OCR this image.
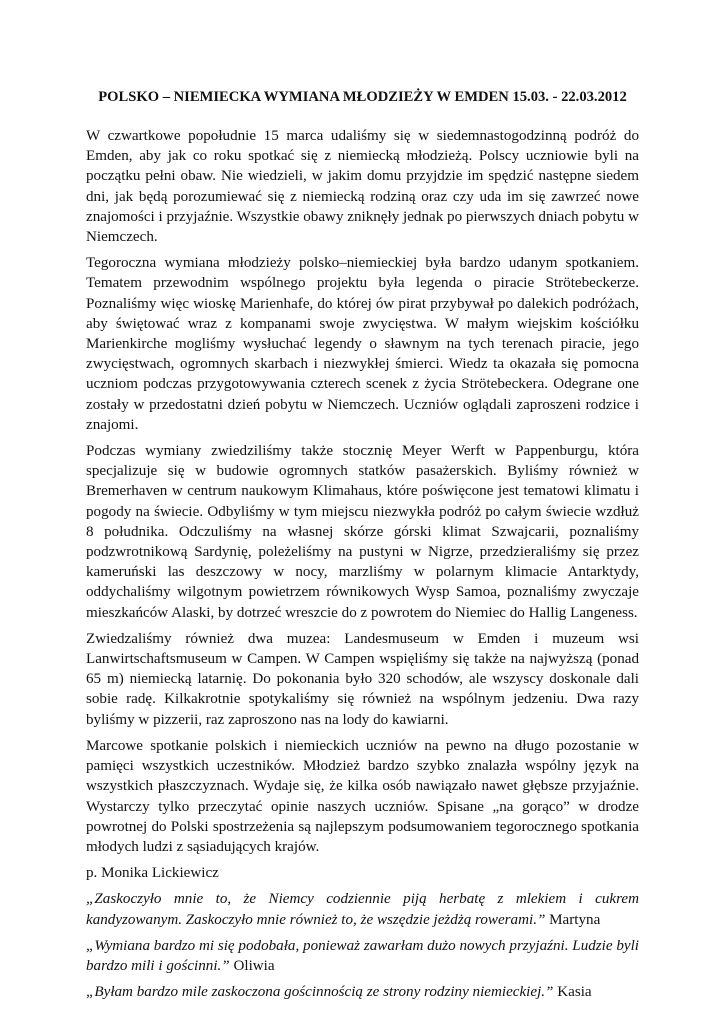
POLSKO – NIEMIECKA WYMIANA MŁODZIEŻY W EMDEN 15.03. - 22.03.2012

W czwartkowe popołudnie 15 marca udaliśmy się w siedemnastogodzinną podróż do Emden, aby jak co roku spotkać się z niemiecką młodzieżą. Polscy uczniowie byli na początku pełni obaw. Nie wiedzieli, w jakim domu przyjdzie im spędzić następne siedem dni, jak będą porozumiewać się z niemiecką rodziną oraz czy uda im się zawrzeć nowe znajomości i przyjaźnie. Wszystkie obawy zniknęły jednak po pierwszych dniach pobytu w Niemczech.

Tegoroczna wymiana młodzieży polsko–niemieckiej była bardzo udanym spotkaniem. Tematem przewodnim wspólnego projektu była legenda o piracie Strötebeckerze. Poznaliśmy więc wioskę Marienhafe, do której ów pirat przybywał po dalekich podróżach, aby świętować wraz z kompanami swoje zwycięstwa. W małym wiejskim kościółku Marienkirche mogliśmy wysłuchać legendy o sławnym na tych terenach piracie, jego zwycięstwach, ogromnych skarbach i niezwykłej śmierci. Wiedz ta okazała się pomocna uczniom podczas przygotowywania czterech scenek z życia Strötebeckera. Odegrane one zostały w przedostatni dzień pobytu w Niemczech. Uczniów oglądali zaproszeni rodzice i znajomi.

Podczas wymiany zwiedziliśmy także stocznię Meyer Werft w Pappenburgu, która specjalizuje się w budowie ogromnych statków pasażerskich. Byliśmy również w Bremerhaven w centrum naukowym Klimahaus, które poświęcone jest tematowi klimatu i pogody na świecie. Odbyliśmy w tym miejscu niezwykła podróż po całym świecie wzdłuż 8 południka. Odczuliśmy na własnej skórze górski klimat Szwajcarii, poznaliśmy podzwrotnikową Sardynię, poleżeliśmy na pustyni w Nigrze, przedzieraliśmy się przez kameruński las deszczowy w nocy, marzliśmy w polarnym klimacie Antarktydy, oddychaliśmy wilgotnym powietrzem równikowych Wysp Samoa, poznaliśmy zwyczaje mieszkańców Alaski, by dotrzeć wreszcie do z powrotem do Niemiec do Hallig Langeness.

Zwiedzaliśmy również dwa muzea: Landesmuseum w Emden i muzeum wsi Lanwirtschaftsmuseum w Campen. W Campen wspięliśmy się także na najwyższą (ponad 65 m) niemiecką latarnię. Do pokonania było 320 schodów, ale wszyscy doskonale dali sobie radę. Kilkakrotnie spotykaliśmy się również na wspólnym jedzeniu. Dwa razy byliśmy w pizzerii, raz zaproszono nas na lody do kawiarni.

Marcowe spotkanie polskich i niemieckich uczniów na pewno na długo pozostanie w pamięci wszystkich uczestników. Młodzież bardzo szybko znalazła wspólny język na wszystkich płaszczyznach. Wydaje się, że kilka osób nawiązało nawet głębsze przyjaźnie. Wystarczy tylko przeczytać opinie naszych uczniów. Spisane „na gorąco” w drodze powrotnej do Polski spostrzeżenia są najlepszym podsumowaniem tegorocznego spotkania młodych ludzi z sąsiadujących krajów.

p. Monika Lickiewicz

„Zaskoczyło mnie to, że Niemcy codziennie piją herbatę z mlekiem i cukrem kandyzowanym. Zaskoczyło mnie również to, że wszędzie jeżdżą rowerami.” Martyna

„Wymiana bardzo mi się podobała, ponieważ zawarłam dużo nowych przyjaźni. Ludzie byli bardzo mili i gościnni.” Oliwia

„Byłam bardzo mile zaskoczona gościnnością ze strony rodziny niemieckiej.” Kasia
